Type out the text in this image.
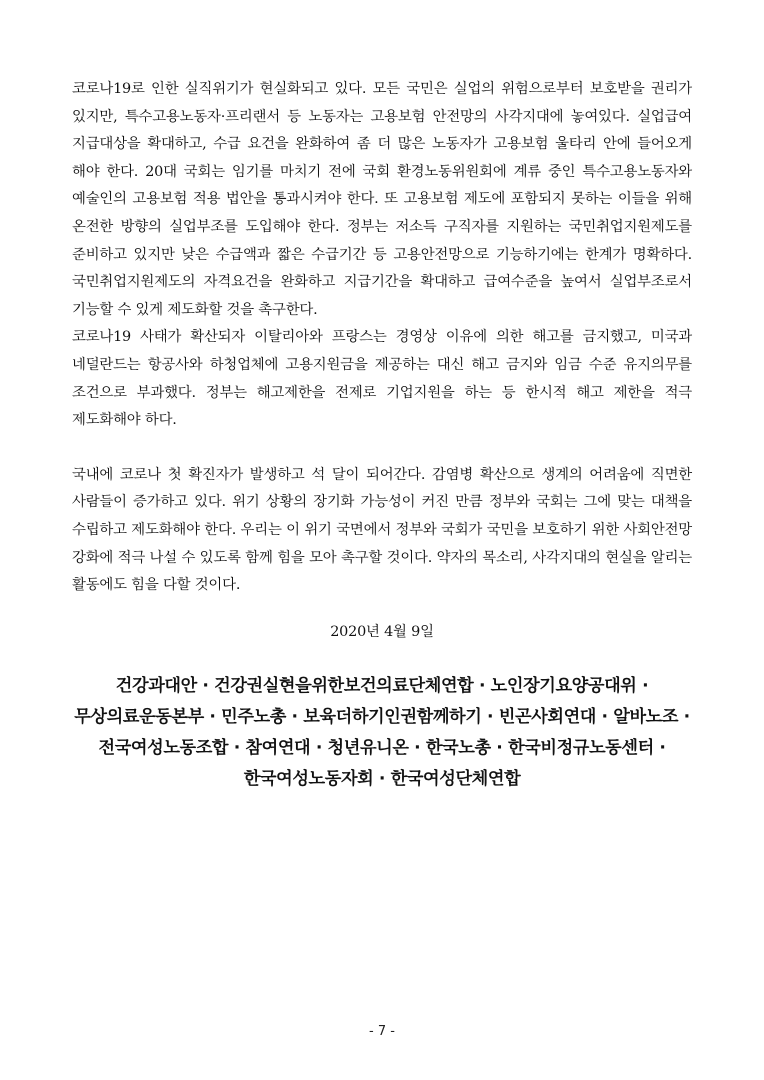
코로나19로 인한 실직위기가 현실화되고 있다. 모든 국민은 실업의 위험으로부터 보호받을 권리가 있지만, 특수고용노동자·프리랜서 등 노동자는 고용보험 안전망의 사각지대에 놓여있다. 실업급여 지급대상을 확대하고, 수급 요건을 완화하여 좀 더 많은 노동자가 고용보험 울타리 안에 들어오게 해야 한다. 20대 국회는 임기를 마치기 전에 국회 환경노동위원회에 계류 중인 특수고용노동자와 예술인의 고용보험 적용 법안을 통과시켜야 한다. 또 고용보험 제도에 포함되지 못하는 이들을 위해 온전한 방향의 실업부조를 도입해야 한다. 정부는 저소득 구직자를 지원하는 국민취업지원제도를 준비하고 있지만 낮은 수급액과 짧은 수급기간 등 고용안전망으로 기능하기에는 한계가 명확하다. 국민취업지원제도의 자격요건을 완화하고 지급기간을 확대하고 급여수준을 높여서 실업부조로서 기능할 수 있게 제도화할 것을 촉구한다.

코로나19 사태가 확산되자 이탈리아와 프랑스는 경영상 이유에 의한 해고를 금지했고, 미국과 네덜란드는 항공사와 하청업체에 고용지원금을 제공하는 대신 해고 금지와 임금 수준 유지의무를 조건으로 부과했다. 정부는 해고제한을 전제로 기업지원을 하는 등 한시적 해고 제한을 적극 제도화해야 하다.

국내에 코로나 첫 확진자가 발생하고 석 달이 되어간다. 감염병 확산으로 생계의 어려움에 직면한 사람들이 증가하고 있다. 위기 상황의 장기화 가능성이 커진 만큼 정부와 국회는 그에 맞는 대책을 수립하고 제도화해야 한다. 우리는 이 위기 국면에서 정부와 국회가 국민을 보호하기 위한 사회안전망 강화에 적극 나설 수 있도록 함께 힘을 모아 촉구할 것이다. 약자의 목소리, 사각지대의 현실을 알리는 활동에도 힘을 다할 것이다.

2020년 4월 9일
건강과대안 · 건강권실현을위한보건의료단체연합 · 노인장기요양공대위 · 무상의료운동본부 · 민주노총 · 보육더하기인권함께하기 · 빈곤사회연대 · 알바노조 · 전국여성노동조합 · 참여연대 · 청년유니온 · 한국노총 · 한국비정규노동센터 · 한국여성노동자회 · 한국여성단체연합
- 7 -
